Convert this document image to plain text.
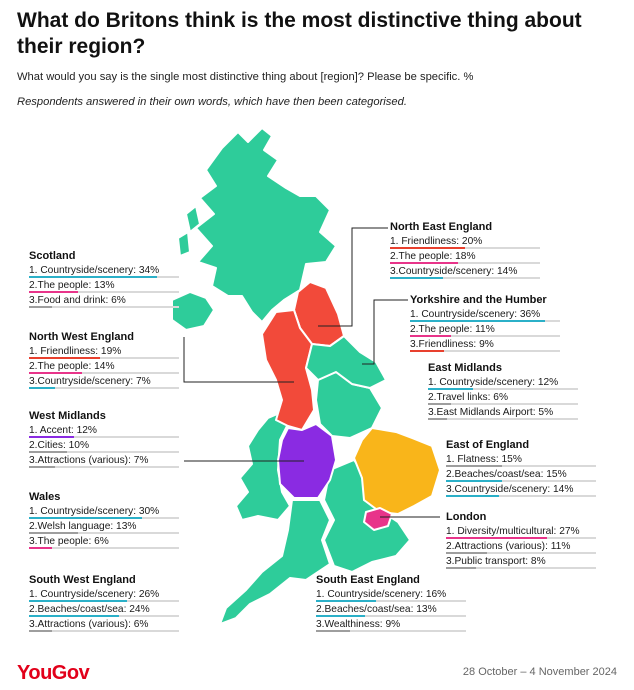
What do Britons think is the most distinctive thing about their region?
What would you say is the single most distinctive thing about [region]? Please be specific. %
Respondents answered in their own words, which have then been categorised.
Scotland
1. Countryside/scenery: 34%
2.The people: 13%
3.Food and drink: 6%
North West England
1. Friendliness: 19%
2.The people: 14%
3.Countryside/scenery: 7%
West Midlands
1. Accent: 12%
2.Cities: 10%
3.Attractions (various): 7%
Wales
1. Countryside/scenery: 30%
2.Welsh language: 13%
3.The people: 6%
South West England
1. Countryside/scenery: 26%
2.Beaches/coast/sea: 24%
3.Attractions (various): 6%
North East England
1. Friendliness: 20%
2.The people: 18%
3.Countryside/scenery: 14%
Yorkshire and the Humber
1. Countryside/scenery: 36%
2.The people: 11%
3.Friendliness: 9%
East Midlands
1. Countryside/scenery: 12%
2.Travel links: 6%
3.East Midlands Airport: 5%
East of England
1. Flatness: 15%
2.Beaches/coast/sea: 15%
3.Countryside/scenery: 14%
London
1. Diversity/multicultural: 27%
2.Attractions (various): 11%
3.Public transport: 8%
South East England
1. Countryside/scenery: 16%
2.Beaches/coast/sea: 13%
3.Wealthiness: 9%
YouGov	28 October – 4 November 2024
